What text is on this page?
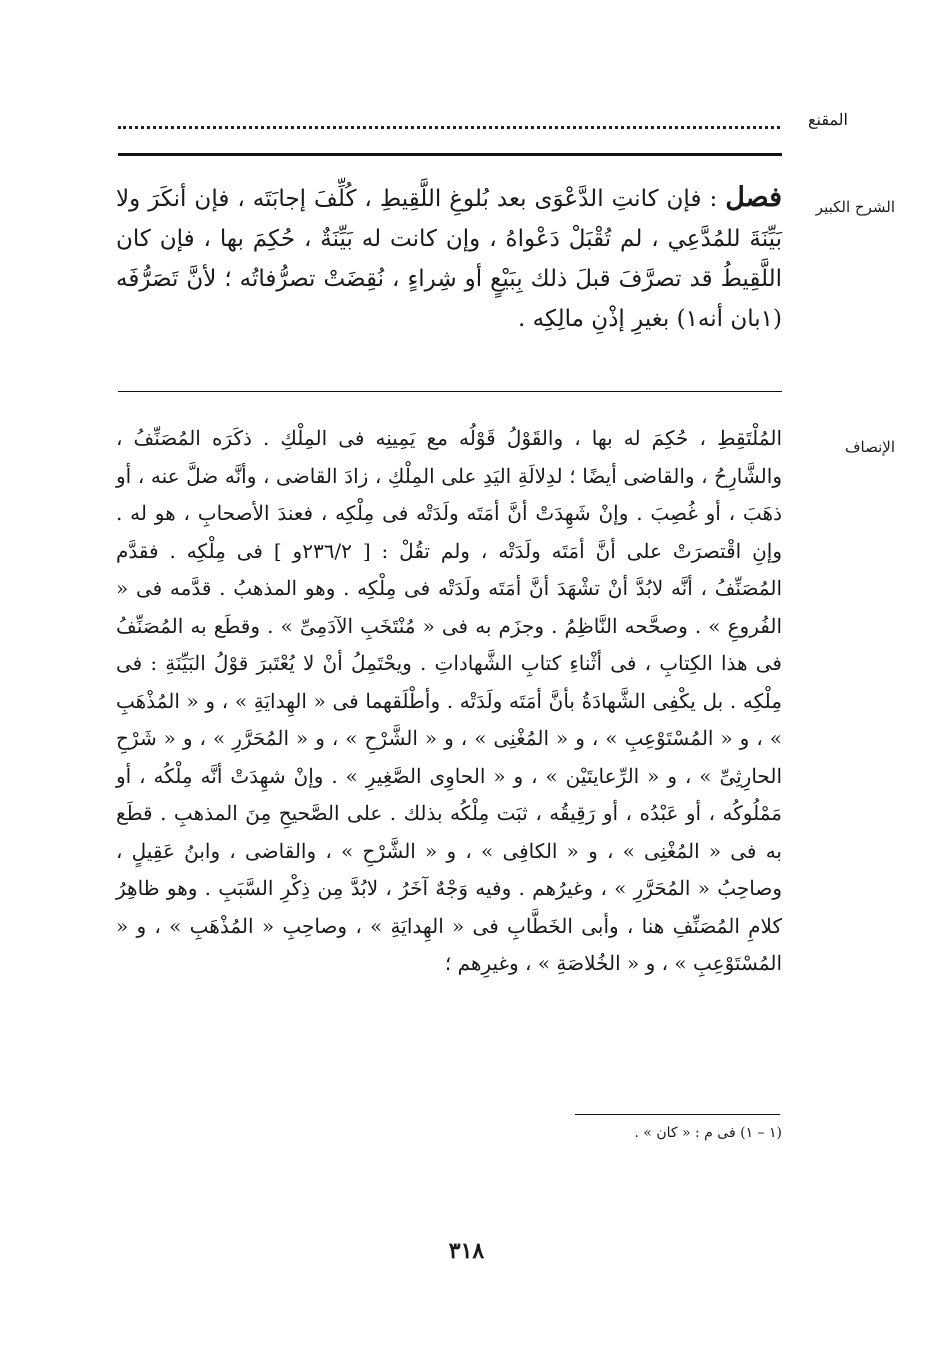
المقنع
الشرح الكبير
فصل : فإن كانتِ الدَّعْوَى بعد بُلوغِ اللَّقِيطِ ، كُلِّفَ إجابَتَه ، فإن أنكَرَ ولا بَيِّنَةَ للمُدَّعِي ، لم تُقْبَلْ دَعْواهُ ، وإن كانت له بَيِّنَةٌ ، حُكِمَ بها ، فإن كان اللَّقِيطُ قد تصرَّفَ قبلَ ذلك بِبَيْعٍ أو شِراءٍ ، نُقِضَتْ تصرُّفاتُه ؛ لأنَّ تَصَرُّفَه (١بان أنه١) بغيرِ إذْنِ مالِكِه .
الإنصاف
المُلْتَقِطِ ، حُكِمَ له بها ، والقَوْلُ قَوْلُه مع يَمِينِه فى المِلْكِ . ذكَرَه المُصَنِّفُ ، والشَّارِحُ ، والقاضى أيضًا ؛ لدِلالَةِ اليَدِ على المِلْكِ ، زادَ القاضى ، وأنَّه ضلَّ عنه ، أو ذهَبَ ، أو غُصِبَ . وإنْ شَهِدَتْ أنَّ أمَتَه ولَدَتْه فى مِلْكِه ، فعندَ الأصحابِ ، هو له . وإنِ اقْتصرَتْ على أنَّ أمَتَه ولَدَتْه ، ولم تقُلْ : [ ٢٣٦/٢و ] فى مِلْكِه . فقدَّم المُصَنِّفُ ، أنَّه لابُدَّ أنْ تشْهَدَ أنَّ أمَتَه ولَدَتْه فى مِلْكِه . وهو المذهبُ . قدَّمه فى « الفُروعِ » . وصحَّحه النَّاظِمُ . وجزَم به فى « مُنْتَخَبِ الآدَمِىِّ » . وقطَع به المُصَنِّفُ فى هذا الكِتابِ ، فى أثْناءِ كتابِ الشَّهاداتِ . ويحْتَمِلُ أنْ لا يُعْتَبرَ قوْلُ البَيِّنَةِ : فى مِلْكِه . بل يكْفِى الشَّهادَةُ بأنَّ أمَتَه ولَدَتْه . وأطْلَقهما فى « الهِدايَةِ » ، و « المُذْهَبِ » ، و « المُسْتَوْعِبِ » ، و « المُغْنِى » ، و « الشَّرْحِ » ، و « المُحَرَّرِ » ، و « شَرْحِ الحارِثِىِّ » ، و « الرِّعايتَيْن » ، و « الحاوِى الصَّغِيرِ » . وإنْ شهِدَتْ أنَّه مِلْكُه ، أو مَمْلُوكُه ، أو عَبْدُه ، أو رَقِيقُه ، ثبَت مِلْكُه بذلك . على الصَّحيحِ مِنَ المذهبِ . قطَع به فى « المُغْنِى » ، و « الكافِى » ، و « الشَّرْحِ » ، والقاضى ، وابنُ عَقِيلٍ ، وصاحِبُ « المُحَرَّرِ » ، وغيرُهم . وفيه وَجْهٌ آخَرُ ، لابُدَّ مِن ذِكْرِ السَّبَبِ . وهو ظاهِرُ كلامِ المُصَنِّفِ هنا ، وأبى الخَطَّابِ فى « الهِدايَةِ » ، وصاحِبِ « المُذْهَبِ » ، و « المُسْتَوْعِبِ » ، و « الخُلاصَةِ » ، وغيرِهم ؛
(١ – ١) فى م : « كان » .
٣١٨
